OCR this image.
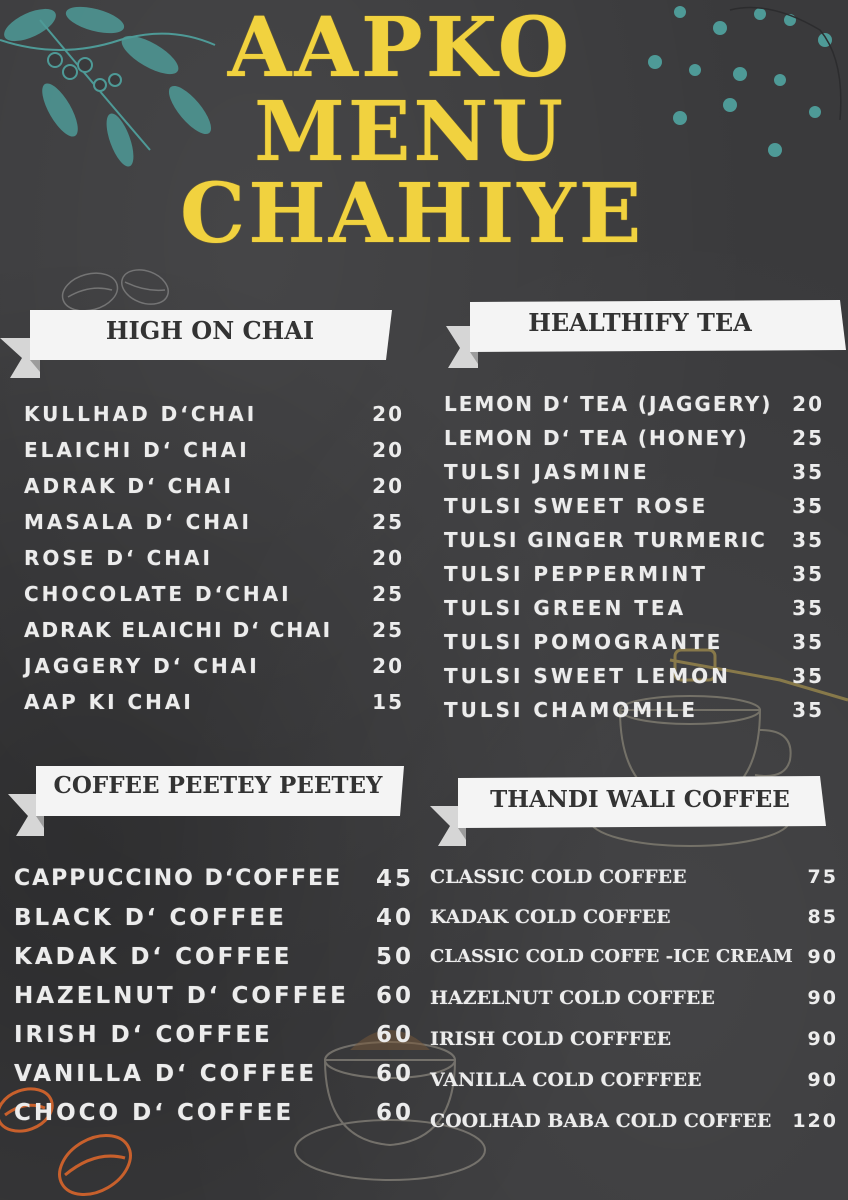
AAPKO
MENU
CHAHIYE
HIGH ON CHAI	HEALTHIFY TEA
COFFEE PEETEY PEETEY
THANDI WALI COFFEE
KULLHAD D‘CHAI	20
ELAICHI D‘ CHAI	20
ADRAK D‘ CHAI	20
MASALA D‘ CHAI	25
ROSE D‘ CHAI	20
CHOCOLATE D‘CHAI	25
ADRAK ELAICHI D‘ CHAI 25
JAGGERY D‘ CHAI	20
AAP KI CHAI	15
LEMON D‘ TEA (JAGGERY) 20
LEMON D‘ TEA (HONEY) 25
TULSI JASMINE	35
TULSI SWEET ROSE	35
TULSI GINGER TURMERIC 35
TULSI PEPPERMINT	35
TULSI GREEN TEA	35
TULSI POMOGRANTE	35
TULSI SWEET LEMON	35
TULSI CHAMOMILE	35
CAPPUCCINO D‘COFFEE 45
BLACK D‘ COFFEE	40
KADAK D‘ COFFEE	50
HAZELNUT D‘ COFFEE 60
IRISH D‘ COFFEE	60
VANILLA D‘ COFFEE	60
CHOCO D‘ COFFEE	60
CLASSIC COLD COFFEE	75
KADAK COLD COFFEE	85
CLASSIC COLD COFFE -ICE CREAM 90
HAZELNUT COLD COFFEE	90
IRISH COLD COFFFEE	90
VANILLA COLD COFFFEE	90
COOLHAD BABA COLD COFFEE 120
